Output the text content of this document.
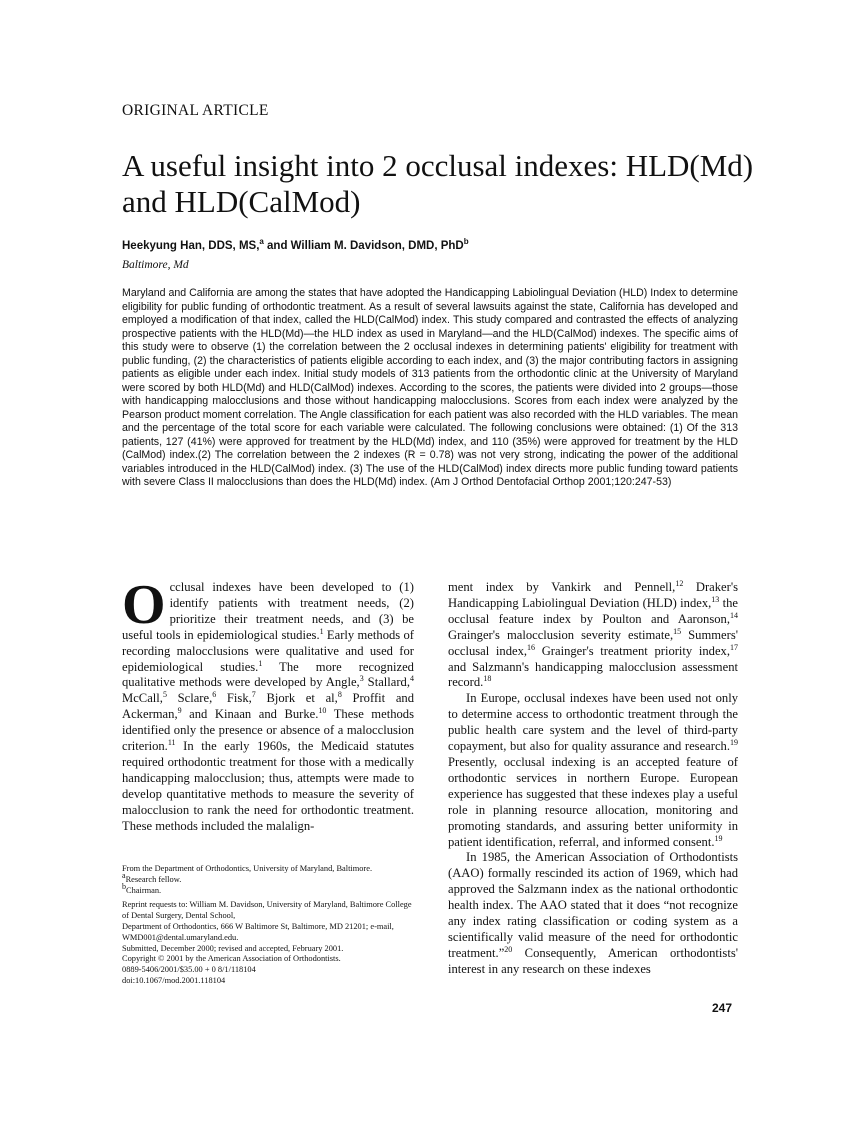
ORIGINAL ARTICLE
A useful insight into 2 occlusal indexes: HLD(Md) and HLD(CalMod)
Heekyung Han, DDS, MS,$^a$ and William M. Davidson, DMD, PhD$^b$
Baltimore, Md

Maryland and California are among the states that have adopted the Handicapping Labiolingual Deviation (HLD) Index to determine eligibility for public funding of orthodontic treatment. As a result of several lawsuits against the state, California has developed and employed a modification of that index, called the HLD(CalMod) index. This study compared and contrasted the effects of analyzing prospective patients with the HLD(Md)—the HLD index as used in Maryland—and the HLD(CalMod) indexes. The specific aims of this study were to observe (1) the correlation between the 2 occlusal indexes in determining patients' eligibility for treatment with public funding, (2) the characteristics of patients eligible according to each index, and (3) the major contributing factors in assigning patients as eligible under each index. Initial study models of 313 patients from the orthodontic clinic at the University of Maryland were scored by both HLD(Md) and HLD(CalMod) indexes. According to the scores, the patients were divided into 2 groups—those with handicapping malocclusions and those without handicapping malocclusions. Scores from each index were analyzed by the Pearson product moment correlation. The Angle classification for each patient was also recorded with the HLD variables. The mean and the percentage of the total score for each variable were calculated. The following conclusions were obtained: (1) Of the 313 patients, 127 (41%) were approved for treatment by the HLD(Md) index, and 110 (35%) were approved for treatment by the HLD (CalMod) index.(2) The correlation between the 2 indexes (R = 0.78) was not very strong, indicating the power of the additional variables introduced in the HLD(CalMod) index. (3) The use of the HLD(CalMod) index directs more public funding toward patients with severe Class II malocclusions than does the HLD(Md) index. (Am J Orthod Dentofacial Orthop 2001;120:247-53)

O cclusal indexes have been developed to (1) identify patients with treatment needs, (2) prioritize their treatment needs, and (3) be useful tools in epidemiological studies.$^1$ Early methods of recording malocclusions were qualitative and used for epidemiological studies.$^1$ The more recognized qualitative methods were developed by Angle,$^3$ Stallard,$^4$ McCall,$^5$ Sclare,$^6$ Fisk,$^7$ Bjork et al,$^8$ Proffit and Ackerman,$^9$ and Kinaan and Burke.$^{10}$ These methods identified only the presence or absence of a malocclusion criterion.$^{11}$ In the early 1960s, the Medicaid statutes required orthodontic treatment for those with a medically handicapping malocclusion; thus, attempts were made to develop quantitative methods to measure the severity of malocclusion to rank the need for orthodontic treatment. These methods included the malalign-

ment index by Vankirk and Pennell,$^{12}$ Draker's Handicapping Labiolingual Deviation (HLD) index,$^{13}$ the occlusal feature index by Poulton and Aaronson,$^{14}$ Grainger's malocclusion severity estimate,$^{15}$ Summers' occlusal index,$^{16}$ Grainger's treatment priority index,$^{17}$ and Salzmann's handicapping malocclusion assessment record.$^{18}$

In Europe, occlusal indexes have been used not only to determine access to orthodontic treatment through the public health care system and the level of third-party copayment, but also for quality assurance and research.$^{19}$ Presently, occlusal indexing is an accepted feature of orthodontic services in northern Europe. European experience has suggested that these indexes play a useful role in planning resource allocation, monitoring and promoting standards, and assuring better uniformity in patient identification, referral, and informed consent.$^{19}$

In 1985, the American Association of Orthodontists (AAO) formally rescinded its action of 1969, which had approved the Salzmann index as the national orthodontic health index. The AAO stated that it does “not recognize any index rating classification or coding system as a scientifically valid measure of the need for orthodontic treatment.”$^{20}$ Consequently, American orthodontists' interest in any research on these indexes

From the Department of Orthodontics, University of Maryland, Baltimore.
$^a$Research fellow.
$^b$Chairman.
Reprint requests to: William M. Davidson, University of Maryland, Baltimore College of Dental Surgery, Dental School,
Department of Orthodontics, 666 W Baltimore St, Baltimore, MD 21201; e-mail, WMD001@dental.umaryland.edu.
Submitted, December 2000; revised and accepted, February 2001.
Copyright © 2001 by the American Association of Orthodontists.
0889-5406/2001/$35.00 + 0 8/1/118104
doi:10.1067/mod.2001.118104
247
